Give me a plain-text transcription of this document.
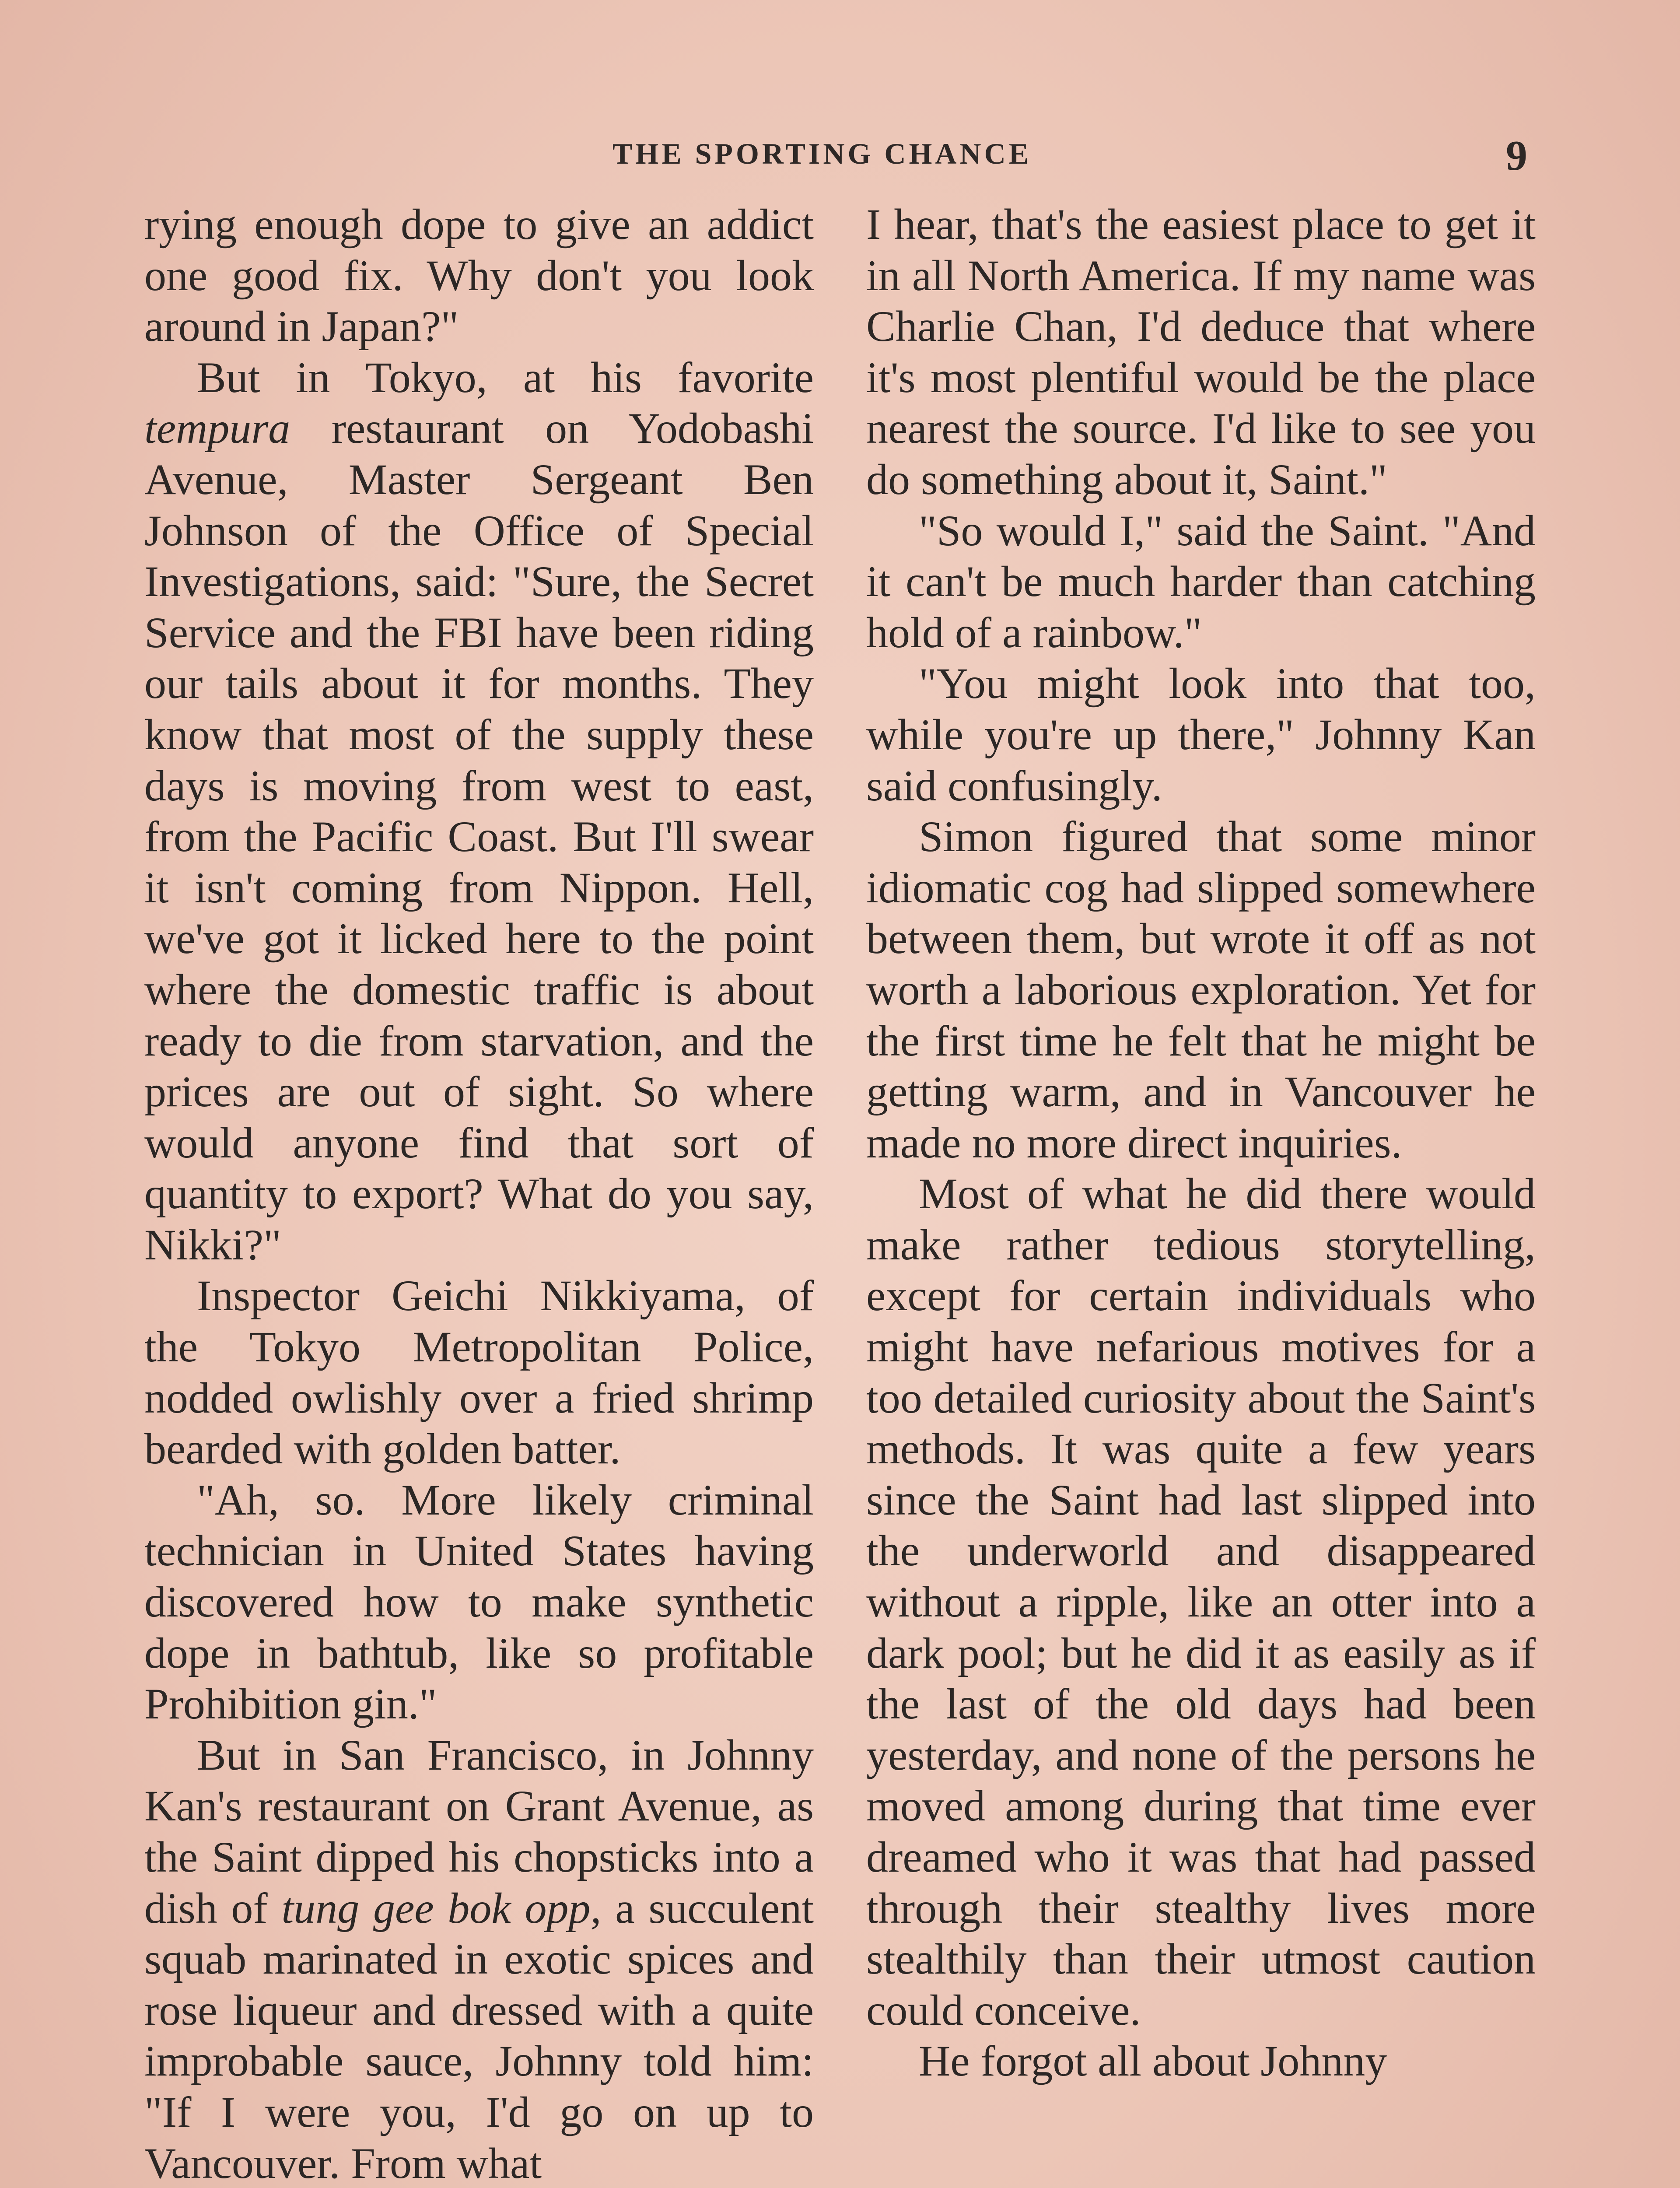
THE SPORTING CHANCE	9

rying enough dope to give an addict one good fix. Why don't you look around in Japan?"

But in Tokyo, at his favorite tempura restaurant on Yodobashi Avenue, Master Sergeant Ben Johnson of the Office of Special Investigations, said: "Sure, the Secret Service and the FBI have been riding our tails about it for months. They know that most of the supply these days is moving from west to east, from the Pacific Coast. But I'll swear it isn't coming from Nippon. Hell, we've got it licked here to the point where the domestic traffic is about ready to die from starvation, and the prices are out of sight. So where would anyone find that sort of quantity to export? What do you say, Nikki?"

Inspector Geichi Nikkiyama, of the Tokyo Metropolitan Police, nodded owlishly over a fried shrimp bearded with golden batter.

"Ah, so. More likely criminal technician in United States having discovered how to make synthetic dope in bathtub, like so profitable Prohibition gin."

But in San Francisco, in Johnny Kan's restaurant on Grant Avenue, as the Saint dipped his chopsticks into a dish of tung gee bok opp, a succulent squab marinated in exotic spices and rose liqueur and dressed with a quite improbable sauce, Johnny told him: "If I were you, I'd go on up to Vancouver. From what

I hear, that's the easiest place to get it in all North America. If my name was Charlie Chan, I'd deduce that where it's most plentiful would be the place nearest the source. I'd like to see you do something about it, Saint."

"So would I," said the Saint. "And it can't be much harder than catching hold of a rainbow."

"You might look into that too, while you're up there," Johnny Kan said confusingly.

Simon figured that some minor idiomatic cog had slipped somewhere between them, but wrote it off as not worth a laborious exploration. Yet for the first time he felt that he might be getting warm, and in Vancouver he made no more direct inquiries.

Most of what he did there would make rather tedious storytelling, except for certain individuals who might have nefarious motives for a too detailed curiosity about the Saint's methods. It was quite a few years since the Saint had last slipped into the underworld and disappeared without a ripple, like an otter into a dark pool; but he did it as easily as if the last of the old days had been yesterday, and none of the persons he moved among during that time ever dreamed who it was that had passed through their stealthy lives more stealthily than their utmost caution could conceive.

He forgot all about Johnny
